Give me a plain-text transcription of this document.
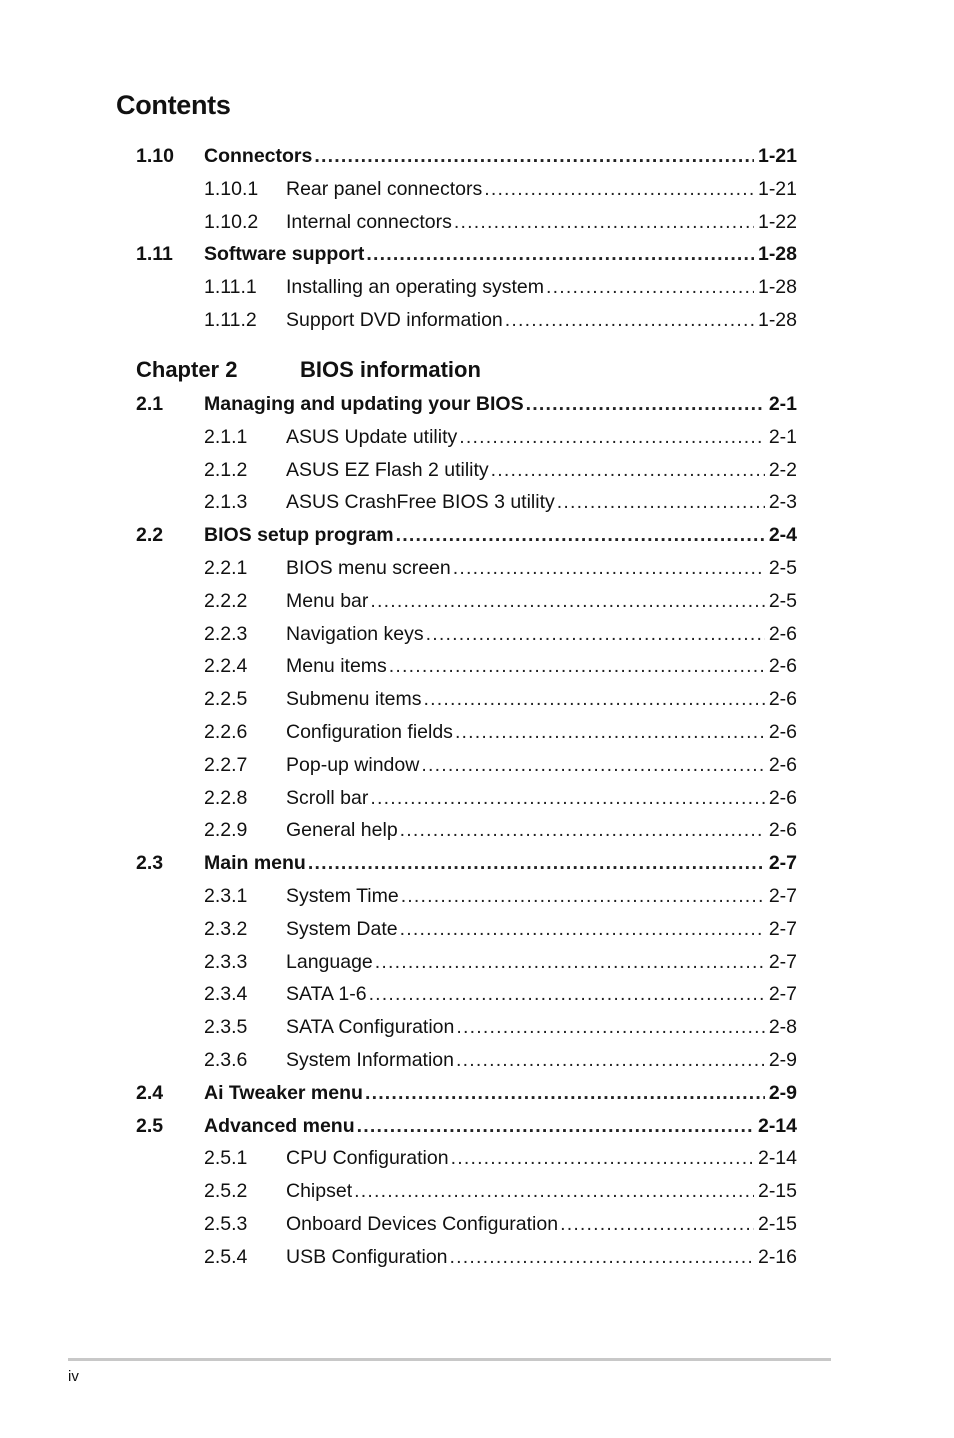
Contents
1.10	Connectors .....	1-21
1.10.1	Rear panel connectors .....	1-21
1.10.2	Internal connectors .....	1-22
1.11	Software support .....	1-28
1.11.1	Installing an operating system .....	1-28
1.11.2	Support DVD information .....	1-28
2.1	Managing and updating your BIOS .....	2-1
2.1.1	ASUS Update utility .....	2-1
2.1.2	ASUS EZ Flash 2 utility .....	2-2
2.1.3	ASUS CrashFree BIOS 3 utility .....	2-3
2.2	BIOS setup program .....	2-4
2.2.1	BIOS menu screen .....	2-5
2.2.2	Menu bar .....	2-5
2.2.3	Navigation keys .....	2-6
2.2.4	Menu items .....	2-6
2.2.5	Submenu items .....	2-6
2.2.6	Configuration fields .....	2-6
2.2.7	Pop-up window .....	2-6
2.2.8	Scroll bar .....	2-6
2.2.9	General help .....	2-6
2.3	Main menu .....	2-7
2.3.1	System Time .....	2-7
2.3.2	System Date .....	2-7
2.3.3	Language .....	2-7
2.3.4	SATA 1-6 .....	2-7
2.3.5	SATA Configuration .....	2-8
2.3.6	System Information .....	2-9
2.4	Ai Tweaker menu .....	2-9
2.5	Advanced menu .....	2-14
2.5.1	CPU Configuration .....	2-14
2.5.2	Chipset .....	2-15
2.5.3	Onboard Devices Configuration .....	2-15
2.5.4	USB Configuration .....	2-16
Chapter 2	BIOS information
iv
